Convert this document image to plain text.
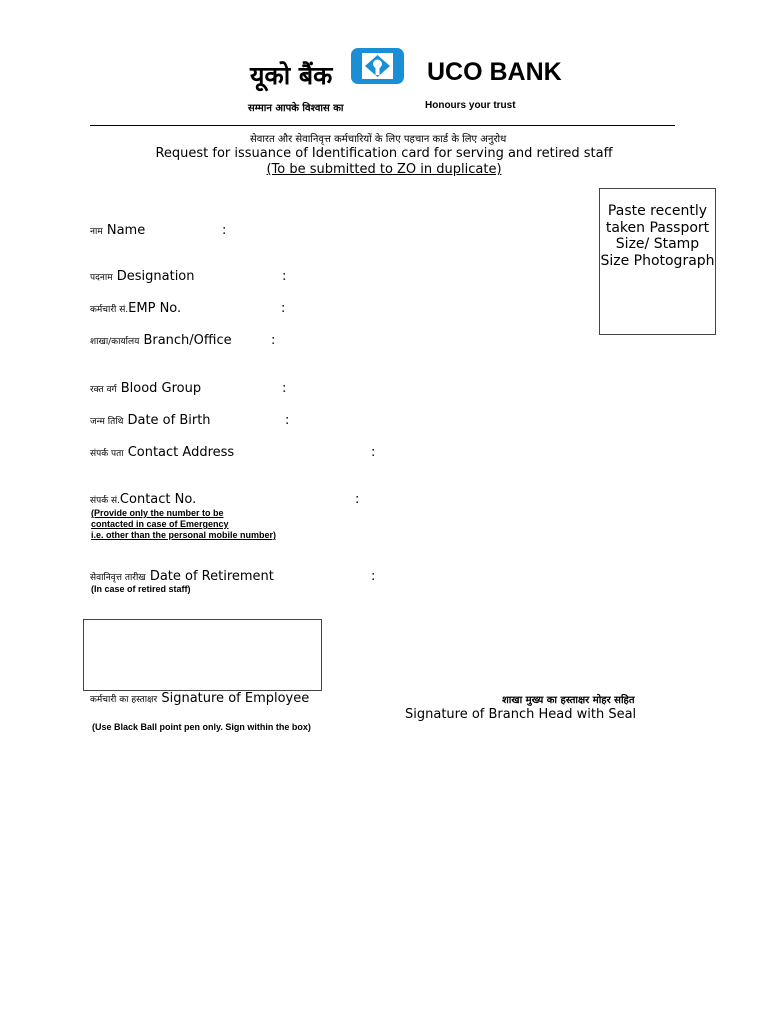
यूको बैंक	UCO BANK
सम्मान आपके विश्वास का	Honours your trust
सेवारत और सेवानिवृत्त कर्मचारियों के लिए पहचान कार्ड के लिए अनुरोध
Request for issuance of Identification card for serving and retired staff
(To be submitted to ZO in duplicate)
Paste recently taken Passport Size/ Stamp Size Photograph
नाम Name	:
पदनाम Designation	:
कर्मचारी सं.EMP No.	:
शाखा/कार्यालय Branch/Office	:
रक्त वर्ग Blood Group	:
जन्म तिथि Date of Birth	:
संपर्क पता Contact Address	:
संपर्क सं.Contact No.	:
(Provide only the number to be
contacted in case of Emergency
i.e. other than the personal mobile number)
सेवानिवृत्त तारीख Date of Retirement	:
(In case of retired staff)
कर्मचारी का हस्ताक्षर Signature of Employee
(Use Black Ball point pen only. Sign within the box)
शाखा मुख्य का हस्ताक्षर मोहर सहित
Signature of Branch Head with Seal
